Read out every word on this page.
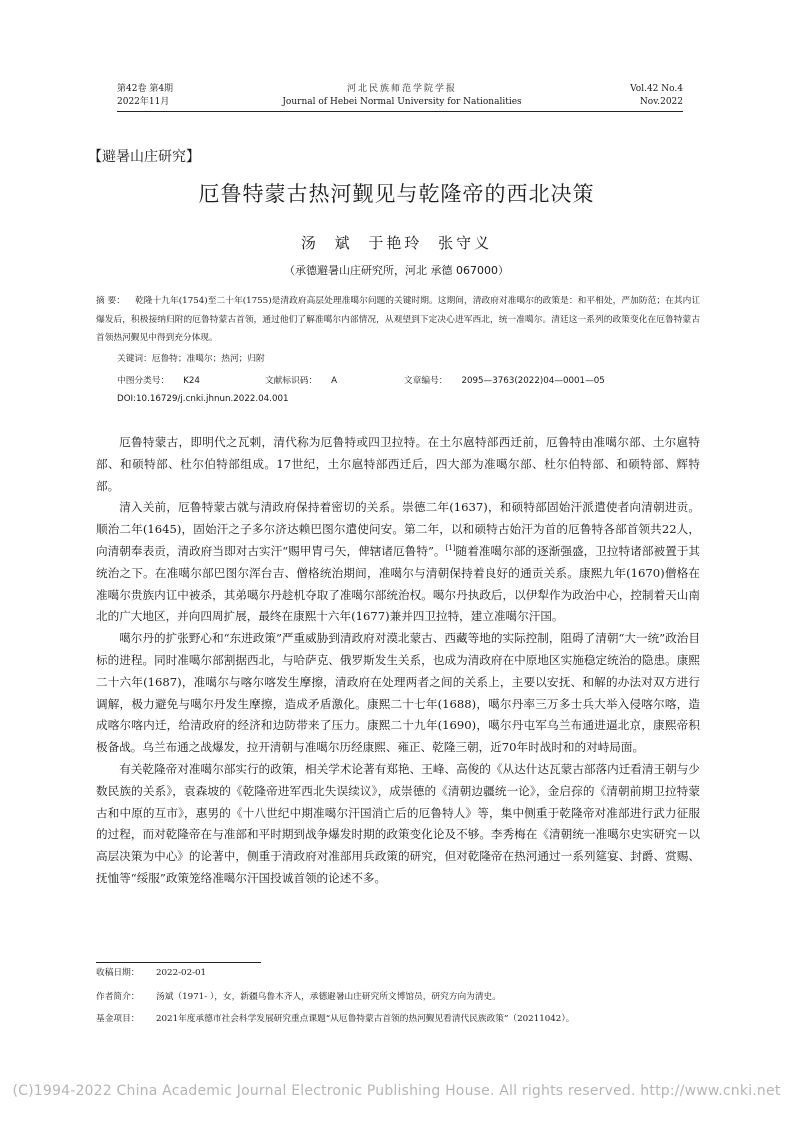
第42卷 第4期
2022年11月
河北民族师范学院学报
Journal of Hebei Normal University for Nationalities
Vol.42 No.4
Nov.2022
【避暑山庄研究】
厄鲁特蒙古热河觐见与乾隆帝的西北决策
汤 斌 于艳玲 张守义
（承德避暑山庄研究所，河北 承德 067000）
摘 要： 乾隆十九年(1754)至二十年(1755)是清政府高层处理准噶尔问题的关键时期。这期间，清政府对准噶尔的政策是：和平相处，严加防范；在其内讧爆发后，积极接纳归附的厄鲁特蒙古首领，通过他们了解准噶尔内部情况，从观望到下定决心进军西北，统一准噶尔。清廷这一系列的政策变化在厄鲁特蒙古首领热河觐见中得到充分体现。
关键词：厄鲁特；准噶尔；热河；归附
中图分类号： K24	文献标识码： A	文章编号： 2095—3763(2022)04—0001—05
DOI:10.16729/j.cnki.jhnun.2022.04.001

厄鲁特蒙古，即明代之瓦剌，清代称为厄鲁特或四卫拉特。在土尔扈特部西迁前，厄鲁特由准噶尔部、土尔扈特部、和硕特部、杜尔伯特部组成。17世纪，土尔扈特部西迁后，四大部为准噶尔部、杜尔伯特部、和硕特部、辉特部。

清入关前，厄鲁特蒙古就与清政府保持着密切的关系。崇德二年(1637)，和硕特部固始汗派遣使者向清朝进贡。顺治二年(1645)，固始汗之子多尔济达赖巴图尔遣使问安。第二年，以和硕特古始汗为首的厄鲁特各部首领共22人，向清朝奉表贡，清政府当即对古实汗“赐甲胄弓矢，俾辖诸厄鲁特”。[1]随着准噶尔部的逐渐强盛，卫拉特诸部被置于其统治之下。在准噶尔部巴图尔浑台吉、僧格统治期间，准噶尔与清朝保持着良好的通贡关系。康熙九年(1670)僧格在准噶尔贵族内讧中被杀，其弟噶尔丹趁机夺取了准噶尔部统治权。噶尔丹执政后，以伊犁作为政治中心，控制着天山南北的广大地区，并向四周扩展，最终在康熙十六年(1677)兼并四卫拉特，建立准噶尔汗国。

噶尔丹的扩张野心和“东进政策”严重威胁到清政府对漠北蒙古、西藏等地的实际控制，阻碍了清朝“大一统”政治目标的进程。同时准噶尔部割据西北，与哈萨克、俄罗斯发生关系，也成为清政府在中原地区实施稳定统治的隐患。康熙二十六年(1687)，准噶尔与喀尔喀发生摩擦，清政府在处理两者之间的关系上，主要以安抚、和解的办法对双方进行调解，极力避免与噶尔丹发生摩擦，造成矛盾激化。康熙二十七年(1688)，噶尔丹率三万多士兵大举入侵喀尔喀，造成喀尔喀内迁，给清政府的经济和边防带来了压力。康熙二十九年(1690)，噶尔丹屯军乌兰布通进逼北京，康熙帝积极备战。乌兰布通之战爆发，拉开清朝与准噶尔历经康熙、雍正、乾隆三朝，近70年时战时和的对峙局面。

有关乾隆帝对准噶尔部实行的政策，相关学术论著有郑艳、王峰、高俊的《从达什达瓦蒙古部落内迁看清王朝与少数民族的关系》，袁森坡的《乾隆帝进军西北失误续议》，成崇德的《清朝边疆统一论》，金启孮的《清朝前期卫拉特蒙古和中原的互市》，惠男的《十八世纪中期准噶尔汗国消亡后的厄鲁特人》等，集中侧重于乾隆帝对准部进行武力征服的过程，而对乾隆帝在与准部和平时期到战争爆发时期的政策变化论及不够。李秀梅在《清朝统一准噶尔史实研究－以高层决策为中心》的论著中，侧重于清政府对准部用兵政策的研究，但对乾隆帝在热河通过一系列筵宴、封爵、赏赐、抚恤等“绥服”政策笼络准噶尔汗国投诚首领的论述不多。

收稿日期： 2022-02-01
作者简介： 汤斌（1971- ），女，新疆乌鲁木齐人，承德避暑山庄研究所文博馆员，研究方向为清史。
基金项目： 2021年度承德市社会科学发展研究重点课题“从厄鲁特蒙古首领的热河觐见看清代民族政策”（20211042）。
(C)1994-2022 China Academic Journal Electronic Publishing House. All rights reserved. http://www.cnki.net
